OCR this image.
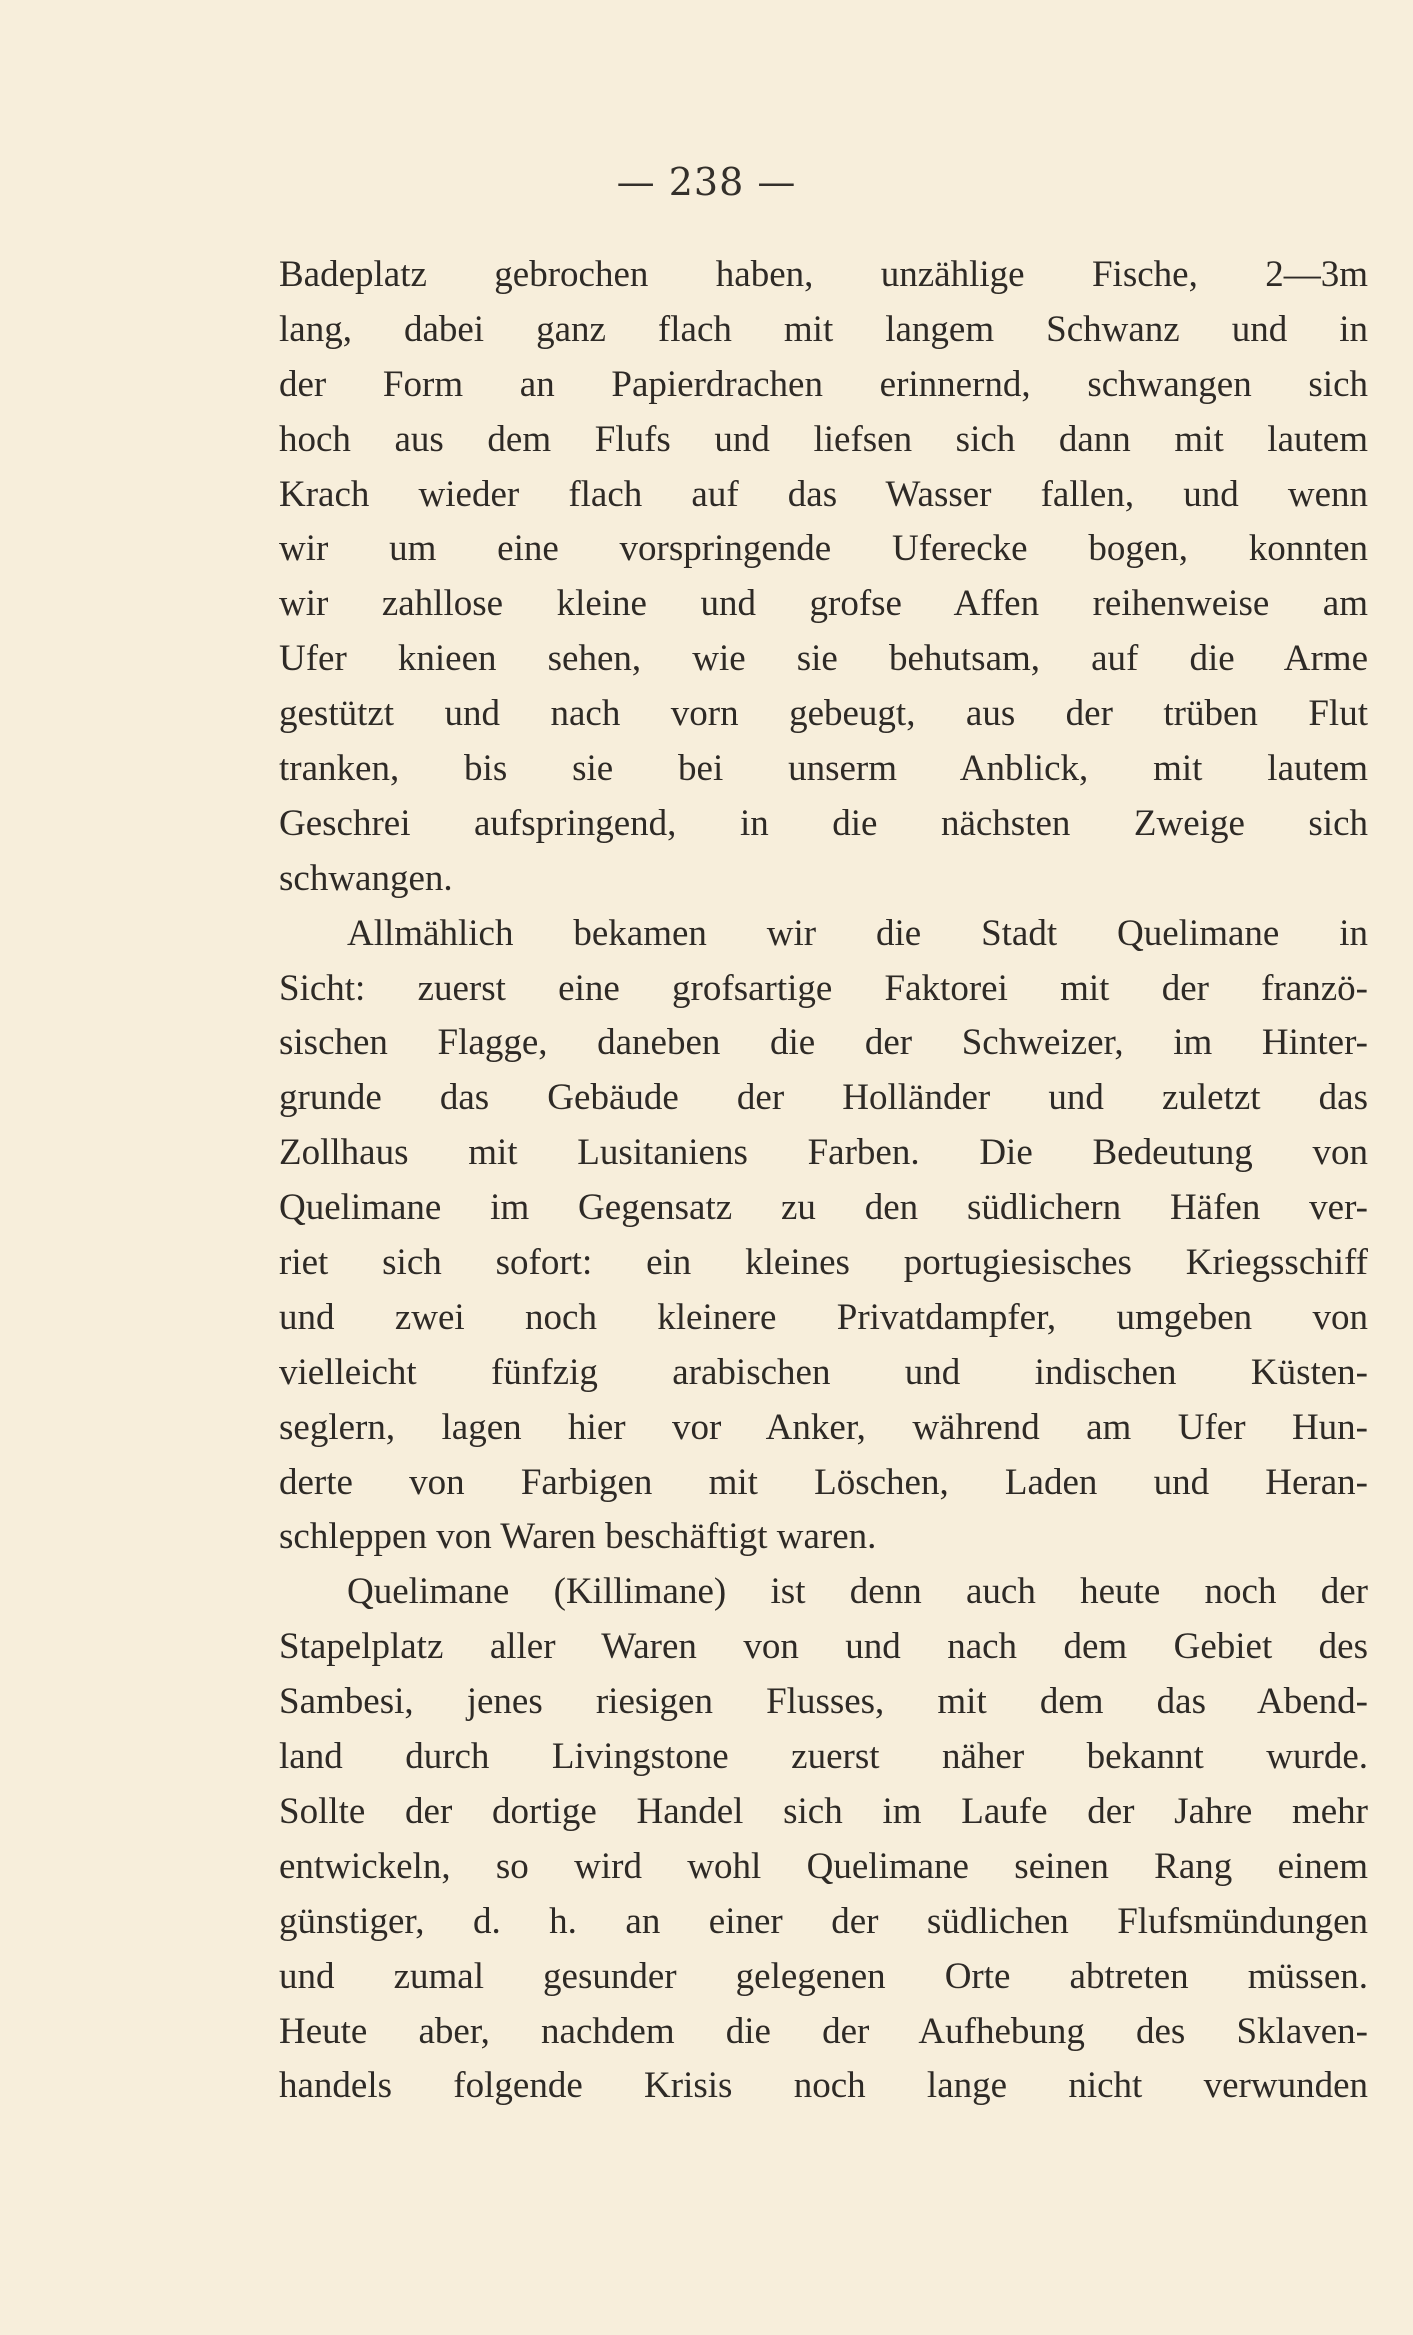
— 238 —
Badeplatz gebrochen haben, unzählige Fische, 2—3m
lang, dabei ganz flach mit langem Schwanz und in
der Form an Papierdrachen erinnernd, schwangen sich
hoch aus dem Flufs und liefsen sich dann mit lautem
Krach wieder flach auf das Wasser fallen, und wenn
wir um eine vorspringende Uferecke bogen, konnten
wir zahllose kleine und grofse Affen reihenweise am
Ufer knieen sehen, wie sie behutsam, auf die Arme
gestützt und nach vorn gebeugt, aus der trüben Flut
tranken, bis sie bei unserm Anblick, mit lautem
Geschrei aufspringend, in die nächsten Zweige sich
schwangen.
Allmählich bekamen wir die Stadt Quelimane in
Sicht: zuerst eine grofsartige Faktorei mit der franzö-
sischen Flagge, daneben die der Schweizer, im Hinter-
grunde das Gebäude der Holländer und zuletzt das
Zollhaus mit Lusitaniens Farben. Die Bedeutung von
Quelimane im Gegensatz zu den südlichern Häfen ver-
riet sich sofort: ein kleines portugiesisches Kriegsschiff
und zwei noch kleinere Privatdampfer, umgeben von
vielleicht fünfzig arabischen und indischen Küsten-
seglern, lagen hier vor Anker, während am Ufer Hun-
derte von Farbigen mit Löschen, Laden und Heran-
schleppen von Waren beschäftigt waren.
Quelimane (Killimane) ist denn auch heute noch der
Stapelplatz aller Waren von und nach dem Gebiet des
Sambesi, jenes riesigen Flusses, mit dem das Abend-
land durch Livingstone zuerst näher bekannt wurde.
Sollte der dortige Handel sich im Laufe der Jahre mehr
entwickeln, so wird wohl Quelimane seinen Rang einem
günstiger, d. h. an einer der südlichen Flufsmündungen
und zumal gesunder gelegenen Orte abtreten müssen.
Heute aber, nachdem die der Aufhebung des Sklaven-
handels folgende Krisis noch lange nicht verwunden
